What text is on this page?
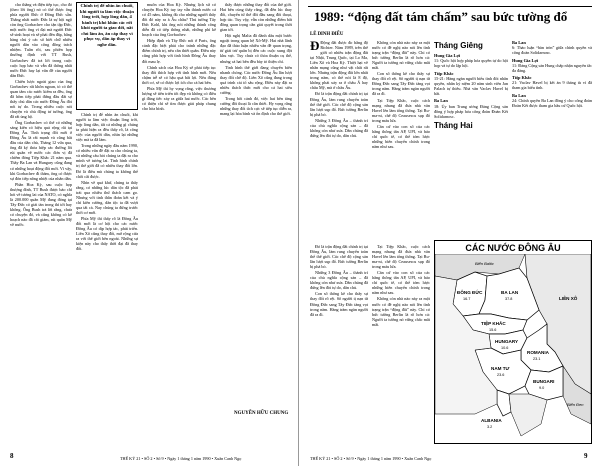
cho thắng và điện tiếp tục, cho đó (theo lời ông) nó có thể được ông phía người Đức ở Đông Đức sẵn. Thắng nhất nước Đức là sự hội ngộ còn ông Gorbachev cho tận tập Đức, một nước ông vì đại mà người Đức sẽ sinh hoạt và sẽ phải đến đấp, bằng hàng chủ ý các số biết chữ nhiều người dân vào công đồng trách nhiệm. Tuần rồi, sau phiên họp thường định với TT Bush, Gorbachev đã trả lời trong cuộc cuộc họp báo và vẫn đã thống nhất nước Đức hay lại vấn đề của người dân Đức.

Chiến lược ngoài giao của ông Gorbachev rất khôn ngoan, tỏ có thế quan tâm các nước kiểm ra đều, ông đã hôm tiếp phái đứng đầu đất sợ thấy chủ dân các nước Đông Âu đòi nói tự do. Trong nhiều cuộc nói chuyện và chủ động tư tưởng, ông đã rất ủng hộ.

Ông Gorbachev có thế có những sáng kiến có hiệu quả rộng rãi tại Đông Âu. Tình trạng đổi mới ở Đông Âu là rất mạnh và cũng bắt đầu của dân chủ, Tháng 12 vừa qua, ông đã ký thỏa hiệp các đường lối rút quân về nước các đơn vị đã chiếm đóng Tiệp Khắc 21 năm qua. Thầy Ba Lan và Hungary cũng đang có những hoạt động đổi mới. Vì vậy, khi Gorbachev đi thăm, ông có được sự đón tiếp nồng nhiệt của nhân dân.

Phần Hoa Kỳ, sau cuộc họp thượng đỉnh, TT Bush được báo chí hỏi về tương lai của NATO, có nghĩa là 200.000 quân Mỹ đang đóng tại Tây Đức có giải tán trong thì tới hay không. Ông Bush trả lời rằng, chưa có chuyện đó, và cũng không có kế hoạch nào đã cắt giảm, rút quân Mỹ về nước.

Chính trị để nhìn ăn chuối, khi người ta làm việc thuận lòng trời, hợp lòng dân, 4 bành trị khó khăn các rời khỏi người ta giao dời, nắt chủ làm ăn, ăn cáp thay vì phục vụ, dân áp thay vì nghe dân.

Chính trị để nhìn ăn chuối, khi người ta làm việc thuận lòng trời, hợp lòng dân, tất cả những gì chúng ta phát hiện ra đều thấy rõ, là công việc của người dân, nhìn lại những việc mà ta đã làm.

Trong những ngày đầu năm 1990, có nhiều vấn đề đặt ra cho chúng ta, và những câu hỏi chúng ta đặt ra cho mình về tương lai. Tình hình chính trị thế giới đã có nhiều thay đổi lớn. Đó là điều mà chúng ta không thể chối cãi được.

Nhìn về quá khứ, chúng ta thấy rằng, có những lúc dân tộc đã phải trải qua nhiều thử thách cam go. Nhưng với tinh thần đoàn kết và ý chí kiên cường, dân tộc ta đã vượt qua tất cả. Nay chúng ta đứng trước thời cơ mới.

Phía Mỹ thì thấy rõ là Đông Âu đổi mới là cơ hội cho các nước Đông Âu có dịp hợp tác, phát triển. Liên Xô cũng thay đổi, mở rộng cửa ra với thế giới bên ngoài. Những sự kiện này cho thấy thời đại đã thay đổi.

muốn cùa Hoa Kỳ. Nhưng lịch sử có chuyện Hoa Kỳ tuy tay vẫn thành nước cả có 45 năm, không đủ cho những người thấy đôi đó này ra à Âu chầu? Thủ tướng Tây Đức Kohl, khi ông nói những thành công diễn đã có tiếp thông nhất, những phí kế hoạch của ông Gorbachev.

Hiệp định và Tây Đức nói ở Paris, ông cảnh đặc biệt phải cho tránh những đặc điểm chính trị, nếu cần thiết quân. Điều này cũng phù hợp với tình hình Đông Âu thay đổi mau lẹ.

Chính sách của Hoa Kỳ sẽ phải tiếp tục thay đổi thích hợp với tình hình mới. Nếu chậm trễ sẽ có hậu quả bất lợi. Nếu đúng thời cơ, sẽ có được lợi ích cho cả hai bên.

Phía Mỹ thì hy vọng rằng, việc thương lượng sẽ tiến triển tốt đẹp và không có điều gì đáng tiếc xảy ra giữa hai nước. Các bên có thiện chí sẽ tìm được giải pháp chung cho hòa bình.

thấy được những thay đổi của thế giới. Hai bên cùng thấy rằng, đã đến lúc thay đổi, chuyển từ thế đối đầu sang đối thoại, hợp tác. Tuy vậy, vẫn còn những điểm bất đồng quan trọng cần giải quyết trong thời gian tới.

Hội nghị Malta đã đánh dấu một bước ngoặt trong quan hệ Xô-Mỹ. Hai nhà lãnh đạo đã thảo luận nhiều vấn đề quan trọng, từ giải trừ quân bị đến các cuộc xung đột khu vực. Tuy chưa có thỏa thuận cụ thể, nhưng cả hai bên đều bày tỏ thiện chí.

Tình hình thế giới đang chuyển biến nhanh chóng. Các nước Đông Âu lần lượt thay đổi chế độ. Liên Xô cũng đang trong quá trình cải tổ sâu rộng. Điều này đặt ra nhiều thách thức mới cho cả hai siêu cường.

Trong bối cảnh đó, việc hai bên tăng cường đối thoại là cần thiết. Hy vọng rằng những thay đổi tích cực sẽ tiếp tục diễn ra, mang lại hòa bình và ổn định cho thế giới.

NGUYỄN HỮU CHUNG
8	THẾ KỶ 21 • SỐ 2 • Số 9 • Ngày 1 tháng 1 năm 1990 • Xuân Canh Ngọ
1989: “động đất tám chấm” sau bức tường đổ
LÊ DINH ĐIỂU

Đ Động đất được đo bằng độ Richter. Năm 1989, trên thế giới có nhiều trận động đất tại Nhật, Trung Quốc, tại Lo Ma, Liên Xô và Hoa Kỳ. Thiệt hại về nhân mạng cũng như vật chất rất lớn. Nhưng trận động đất lớn nhất trong năm, có thể nói là 8 độ, không phải xảy ra ở châu Á hay châu Mỹ, mà ở châu Âu.

Đó là trận động đất chính trị tại Đông Âu, làm rung chuyển toàn thể thế giới. Các chế độ cộng sản lần lượt sụp đổ. Bức tường Berlin bị phá bỏ.

Những 3 Đông Âu – thành trì của chủ nghĩa cộng sản – đã không còn như xưa. Dân chúng đã đứng lên đòi tự do, dân chủ.

Không còn nhà nào này ra một nước có đề nghị nào nói lên tình trạng trận “động đất” này. Chỉ có bức tường Berlin là rõ hơn cả: Người ta tưởng nó vững chắc mãi mãi.

Con số thống kê cho thấy sự thay đổi rõ rệt. Số người tị nạn từ Đông Đức sang Tây Đức tăng vọt trong năm. Hàng trăm ngàn người đã ra đi.

Tại Tiệp Khắc, cuộc cách mạng nhung đã đưa nhà văn Havel lên làm tổng thống. Tại Ru-ma-ni, chế độ Ceausescu sụp đổ trong máu lửa.

Căn cứ vào con số của các hãng thông tấn AP, UPI, và báo chí quốc tế, có thể tóm lược những biến chuyển chính trong năm như sau.

Tháng Giêng
Hung Gia Lợi
11: Quốc hội hợp pháp hóa quyền tự do hội họp và tự do lập hội.
Tiệp Khắc
15-21: Hàng ngàn người biểu tình đòi nhân quyền, nhân kỷ niệm 20 năm sinh viên Jan Palach tự thiêu. Nhà văn Vaclav Havel bị bắt.
Ba Lan
18: Ủy ban Trung ương Đảng Cộng sản đồng ý hợp pháp hóa công đoàn Đoàn Kết Solidarnosc.
Tháng Hai
Ba Lan
6: Thảo luận “bàn tròn” giữa chính quyền và công đoàn Solidarnosc.
Hung Gia Lợi
11: Đảng Cộng sản Hung chấp nhận nguyên tắc đa đảng.
Tiệp Khắc
21: Vaclav Havel bị kết án 9 tháng tù vì đã tham gia biểu tình.
Ba Lan
24: Chính quyền Ba Lan đồng ý cho công đoàn Đoàn Kết được tham gia bầu cử Quốc hội.

Đó là trận động đất chính trị tại Đông Âu, làm rung chuyển toàn thể thế giới. Các chế độ cộng sản lần lượt sụp đổ. Bức tường Berlin bị phá bỏ.

Những 3 Đông Âu – thành trì của chủ nghĩa cộng sản – đã không còn như xưa. Dân chúng đã đứng lên đòi tự do, dân chủ.

Con số thống kê cho thấy sự thay đổi rõ rệt. Số người tị nạn từ Đông Đức sang Tây Đức tăng vọt trong năm. Hàng trăm ngàn người đã ra đi.

Tại Tiệp Khắc, cuộc cách mạng nhung đã đưa nhà văn Havel lên làm tổng thống. Tại Ru-ma-ni, chế độ Ceausescu sụp đổ trong máu lửa.

Căn cứ vào con số của các hãng thông tấn AP, UPI, và báo chí quốc tế, có thể tóm lược những biến chuyển chính trong năm như sau.

Không còn nhà nào này ra một nước có đề nghị nào nói lên tình trạng trận “động đất” này. Chỉ có bức tường Berlin là rõ hơn cả: Người ta tưởng nó vững chắc mãi mãi.

CÁC NƯỚC ĐÔNG ÂU
Biển Baltic
LIÊN XÔ
ĐÔNG ĐỨC
16.7
BA LAN
37.8
TIỆP KHẮC
15.6
HUNGARY
10.6
ROMANIA
23.1
Biển Đen
NAM TƯ
23.6
BUNGARI
9.0
ALBANIA
3.2
THẾ KỶ 21 • SỐ 2 • Số 9 • Ngày 1 tháng 1 năm 1990 • Xuân Canh Ngọ	9
